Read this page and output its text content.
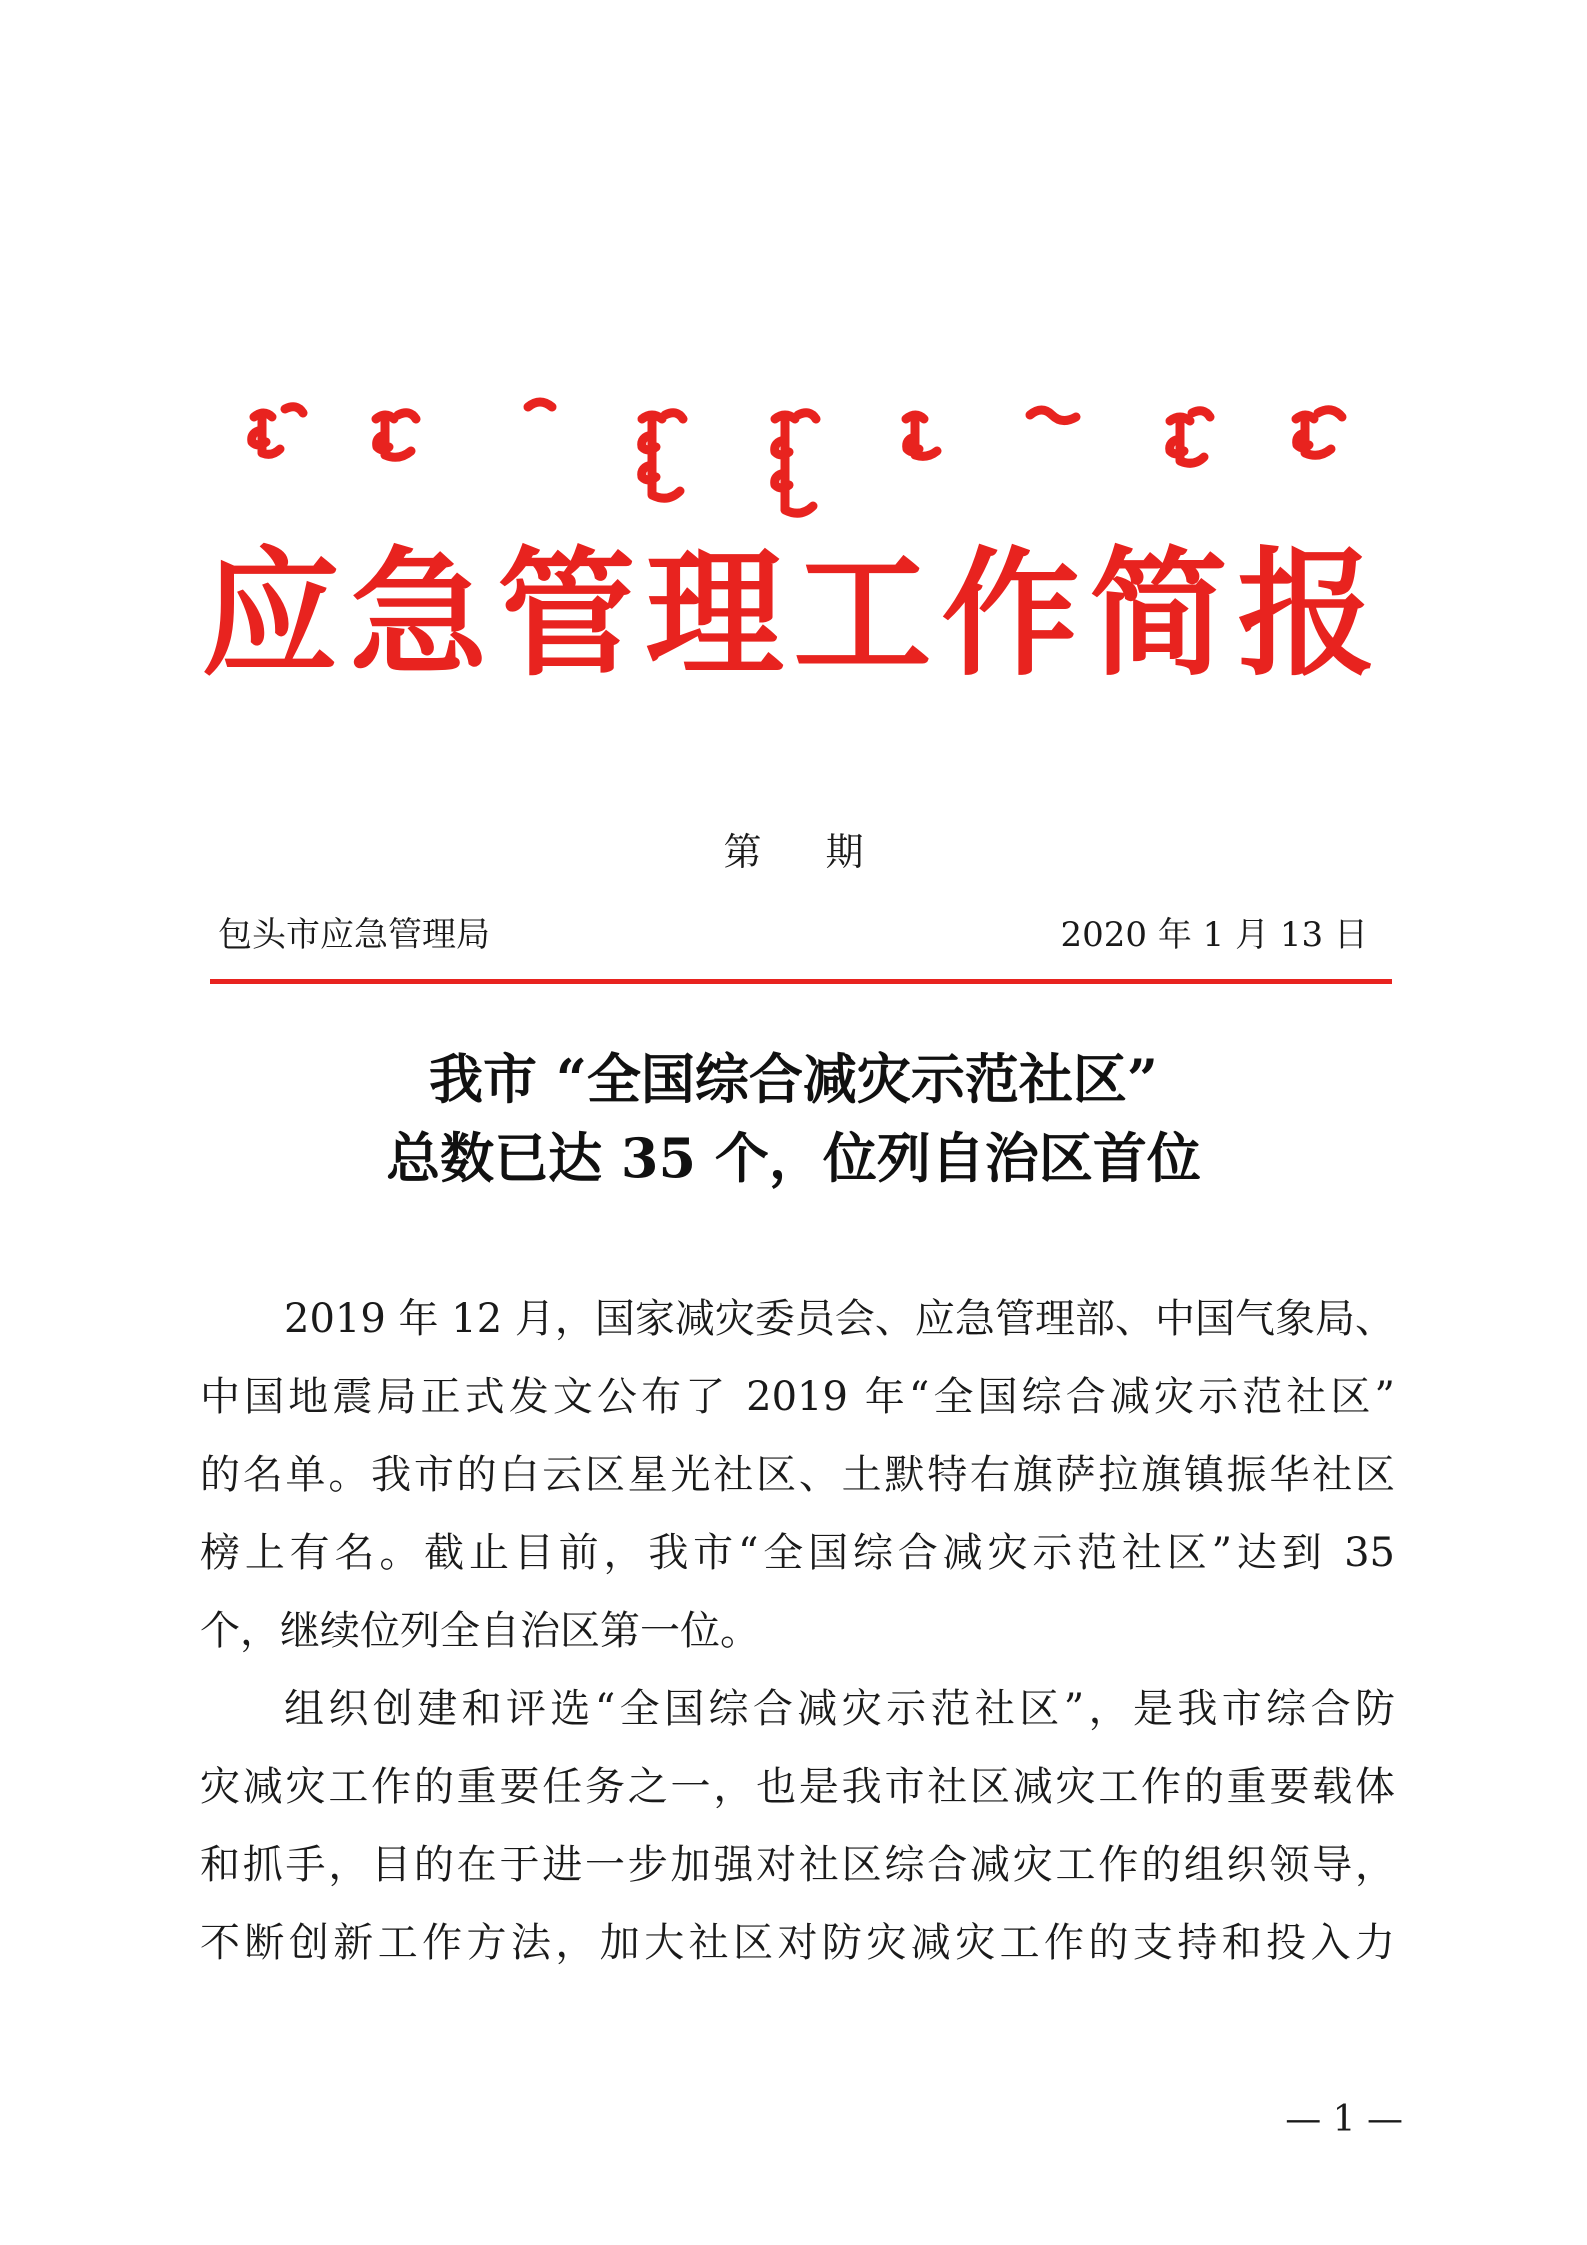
应急管理工作简报
第 期
包头市应急管理局	2020 年 1 月 13 日
我市 “全国综合减灾示范社区”
总数已达 35 个，位列自治区首位
2019 年 12 月，国家减灾委员会、应急管理部、中国气象局、
中国地震局正式发文公布了 2019 年“全国综合减灾示范社区”
的名单。我市的白云区星光社区、土默特右旗萨拉旗镇振华社区
榜上有名。截止目前，我市“全国综合减灾示范社区”达到 35
个，继续位列全自治区第一位。
组织创建和评选“全国综合减灾示范社区”，是我市综合防
灾减灾工作的重要任务之一，也是我市社区减灾工作的重要载体
和抓手，目的在于进一步加强对社区综合减灾工作的组织领导，
不断创新工作方法，加大社区对防灾减灾工作的支持和投入力
— 1 —
